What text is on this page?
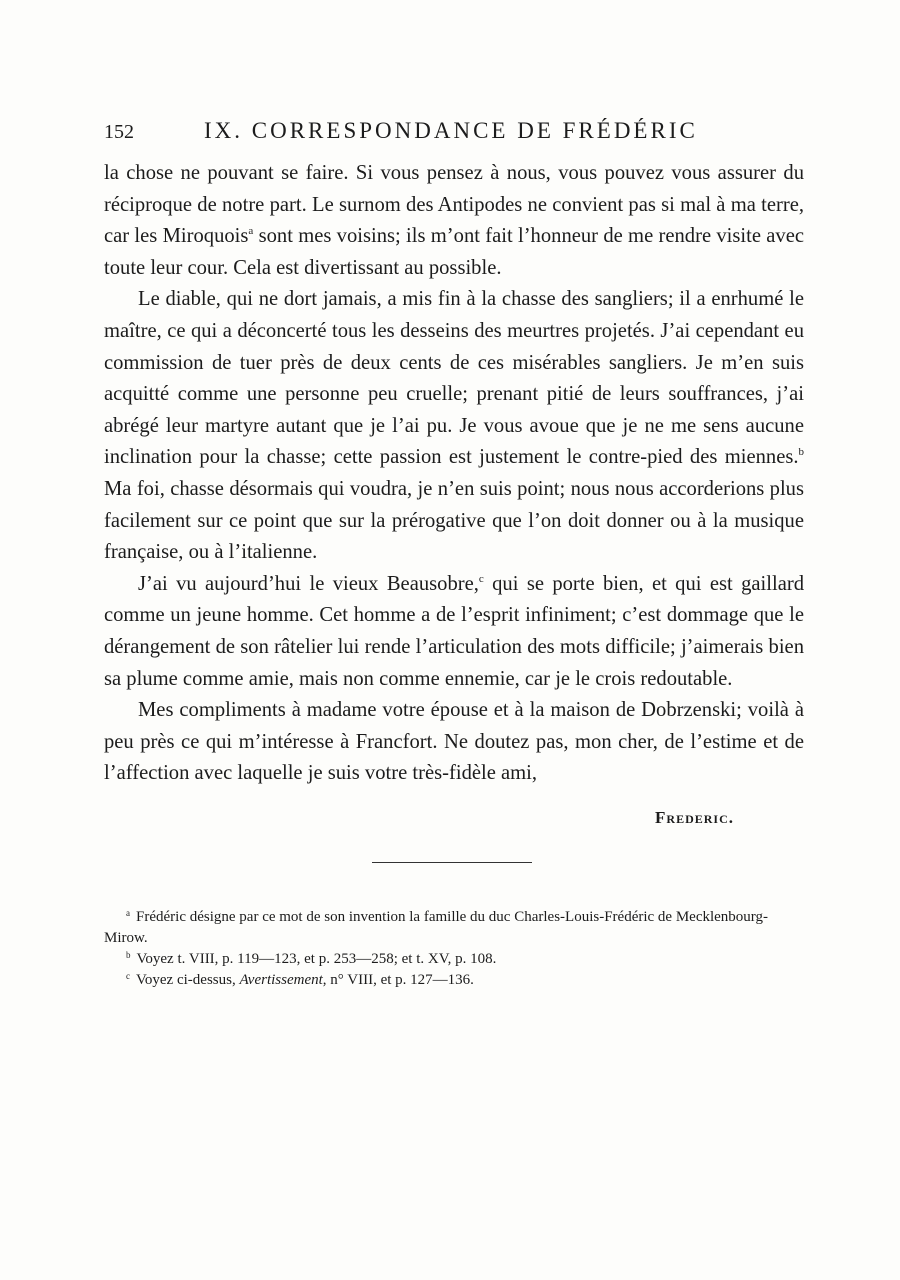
152	IX. CORRESPONDANCE DE FRÉDÉRIC

la chose ne pouvant se faire. Si vous pensez à nous, vous pouvez vous assurer du réciproque de notre part. Le surnom des Antipodes ne convient pas si mal à ma terre, car les Miroquois$^a$ sont mes voisins; ils m’ont fait l’honneur de me rendre visite avec toute leur cour. Cela est divertissant au possible.

Le diable, qui ne dort jamais, a mis fin à la chasse des sangliers; il a enrhumé le maître, ce qui a déconcerté tous les desseins des meurtres projetés. J’ai cependant eu commission de tuer près de deux cents de ces misérables sangliers. Je m’en suis acquitté comme une personne peu cruelle; prenant pitié de leurs souffrances, j’ai abrégé leur martyre autant que je l’ai pu. Je vous avoue que je ne me sens aucune inclination pour la chasse; cette passion est justement le contre-pied des miennes.$^b$ Ma foi, chasse désormais qui voudra, je n’en suis point; nous nous accorderions plus facilement sur ce point que sur la prérogative que l’on doit donner ou à la musique française, ou à l’italienne.

J’ai vu aujourd’hui le vieux Beausobre,$^c$ qui se porte bien, et qui est gaillard comme un jeune homme. Cet homme a de l’esprit infiniment; c’est dommage que le dérangement de son râtelier lui rende l’articulation des mots difficile; j’aimerais bien sa plume comme amie, mais non comme ennemie, car je le crois redoutable.

Mes compliments à madame votre épouse et à la maison de Dobrzenski; voilà à peu près ce qui m’intéresse à Francfort. Ne doutez pas, mon cher, de l’estime et de l’affection avec laquelle je suis votre très-fidèle ami,

Frederic.

$^a$ Frédéric désigne par ce mot de son invention la famille du duc Charles-Louis-Frédéric de Mecklenbourg-Mirow.

$^b$ Voyez t. VIII, p. 119—123, et p. 253—258; et t. XV, p. 108.

$^c$ Voyez ci-dessus, Avertissement, n° VIII, et p. 127—136.
